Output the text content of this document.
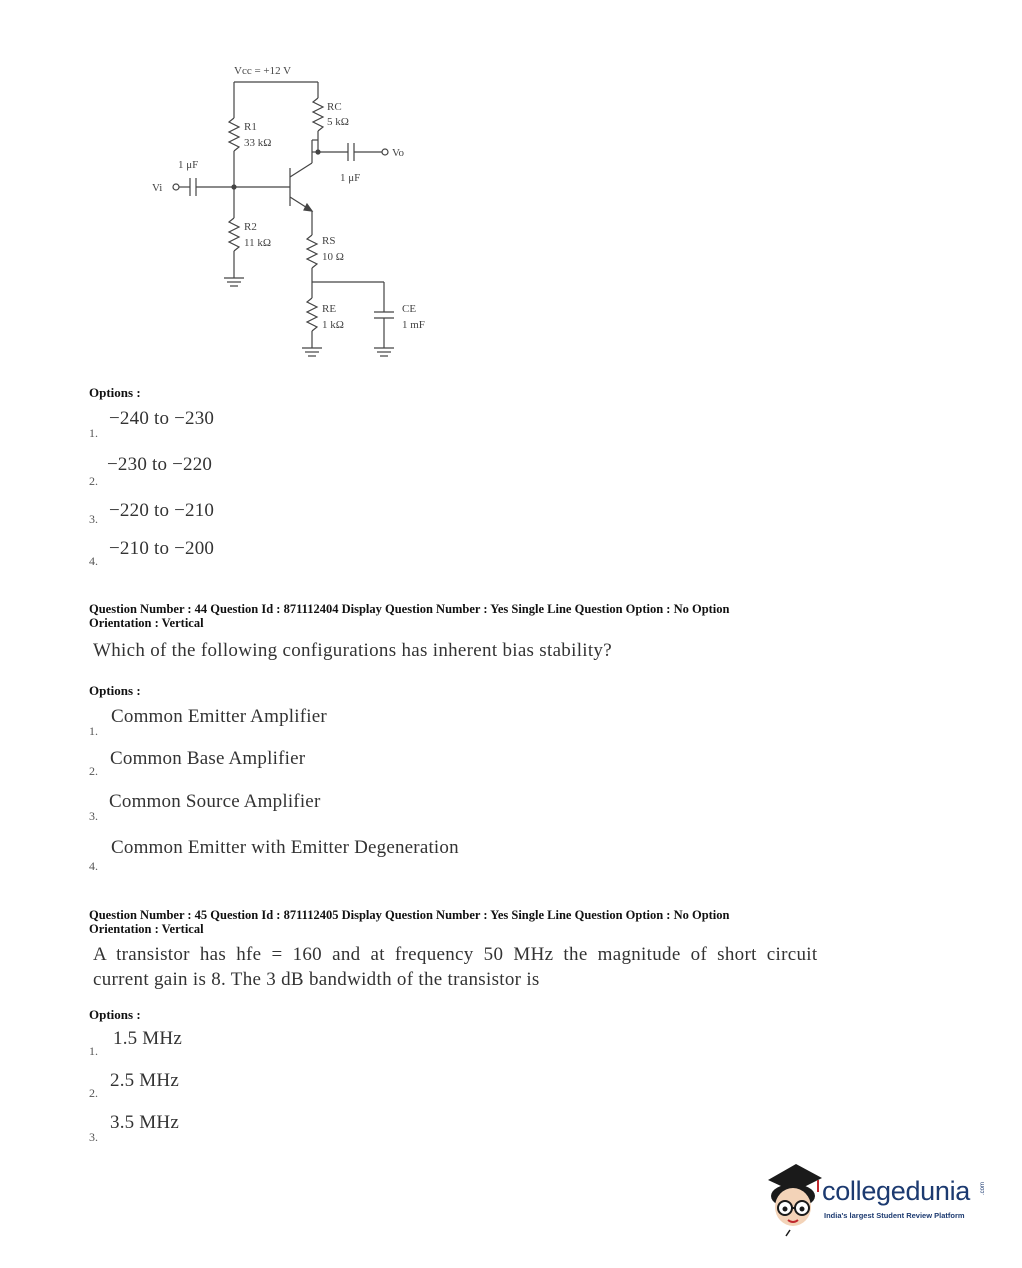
Vcc = +12 V
R1
33 kΩ
R2
11 kΩ
RC
5 kΩ
RS
10 Ω
RE
1 kΩ
1 μF
1 μF
CE
1 mF
Vi
Vo
Options :
1.
−240 to −230
2.
−230 to −220
3. −220 to −210
4.
−210 to −200
Question Number : 44 Question Id : 871112404 Display Question Number : Yes Single Line Question Option : No Option
Orientation : Vertical
Which of the following configurations has inherent bias stability?
Options :
1.
Common Emitter Amplifier
2.
Common Base Amplifier
3.
Common Source Amplifier
4.
Common Emitter with Emitter Degeneration
Question Number : 45 Question Id : 871112405 Display Question Number : Yes Single Line Question Option : No Option
Orientation : Vertical
A  transistor  has  hfe  =  160  and  at  frequency  50  MHz  the  magnitude  of  short  circuit
current gain is 8. The 3 dB bandwidth of the transistor is
Options :
1.
1.5 MHz
2.
2.5 MHz
3.
3.5 MHz
collegedunia .com
India's largest Student Review Platform
